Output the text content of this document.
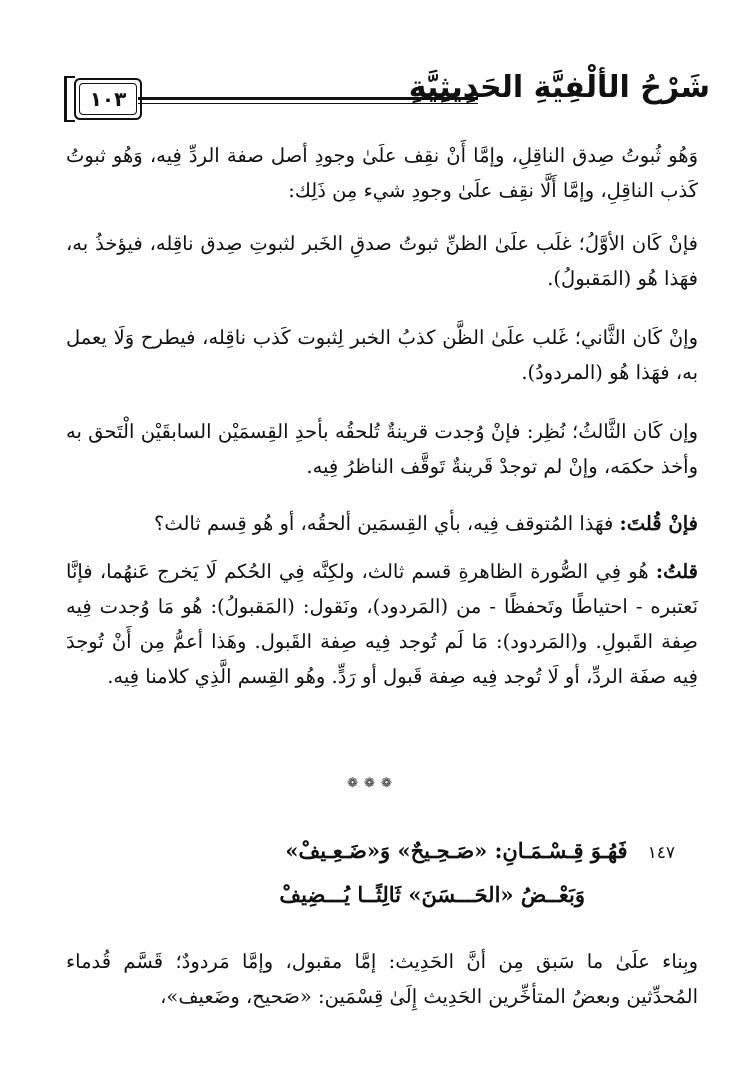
١٠٣	شَرْحُ الألْفِيَّةِ الحَدِيثِيَّةِ

وَهُو ثُبوتُ صِدق الناقِلِ، وإمَّا أَنْ نقِف علَىٰ وجودِ أصل صفة الردِّ فِيه، وَهُو ثبوتُ كَذب الناقِلِ، وإمَّا أَلَّا نقِف علَىٰ وجودِ شيء مِن ذَلِك:

فإنْ كَان الأوَّلُ؛ غلَب علَىٰ الظنِّ ثبوتُ صدقِ الخَبر لثبوتِ صِدق ناقِله، فيؤخذُ به، فهَذا هُو (المَقبولُ).

وإنْ كَان الثَّاني؛ غَلب علَىٰ الظَّن كذبُ الخبر لِثبوت كَذب ناقِله، فيطرح وَلَا يعمل به، فهَذا هُو (المردودُ).

وإن كَان الثَّالثُ؛ نُظِر: فإنْ وُجدت قرينةٌ تُلحقُه بأحدِ القِسمَيْن السابقَيْن الْتَحق به وأخذ حكمَه، وإنْ لم توجدْ قَرينةٌ تَوقَّف الناظرُ فِيه.

فإنْ قُلتَ: فهَذا المُتوقف فِيه، بأي القِسمَين ألحقُه، أو هُو قِسم ثالث؟

قلتُ: هُو فِي الصُّورة الظاهرةِ قسم ثالث، ولكِنَّه فِي الحُكم لَا يَخرج عَنهُما، فإنَّا نَعتبره - احتياطًا وتَحفظًا - من (المَردود)، ونَقول: (المَقبولُ): هُو مَا وُجدت فِيه صِفة القَبولِ. و(المَردود): مَا لَم تُوجد فِيه صِفة القَبول. وهَذا أعمُّ مِن أَنْ تُوجدَ فِيه صفَة الردِّ، أو لَا تُوجد فِيه صِفة قَبول أو رَدٍّ. وهُو القِسم الَّذِي كلامنا فِيه.

❁❁❁
١٤٧فَهُـوَ قِـسْـمَـانِ: «صَـحِـيحٌ» وَ«ضَـعِـيفْ»
وَبَعْــضُ «الحَـــسَنَ» ثَالِثًــا يُـــضِيفْ

وبِناء علَىٰ ما سَبق مِن أنَّ الحَدِيث: إمَّا مقبول، وإمَّا مَردودٌ؛ قَسَّم قُدماء المُحدِّثين وبعضُ المتأخِّرين الحَدِيث إِلَىٰ قِسْمَين: «صَحيح، وضَعيف»،
